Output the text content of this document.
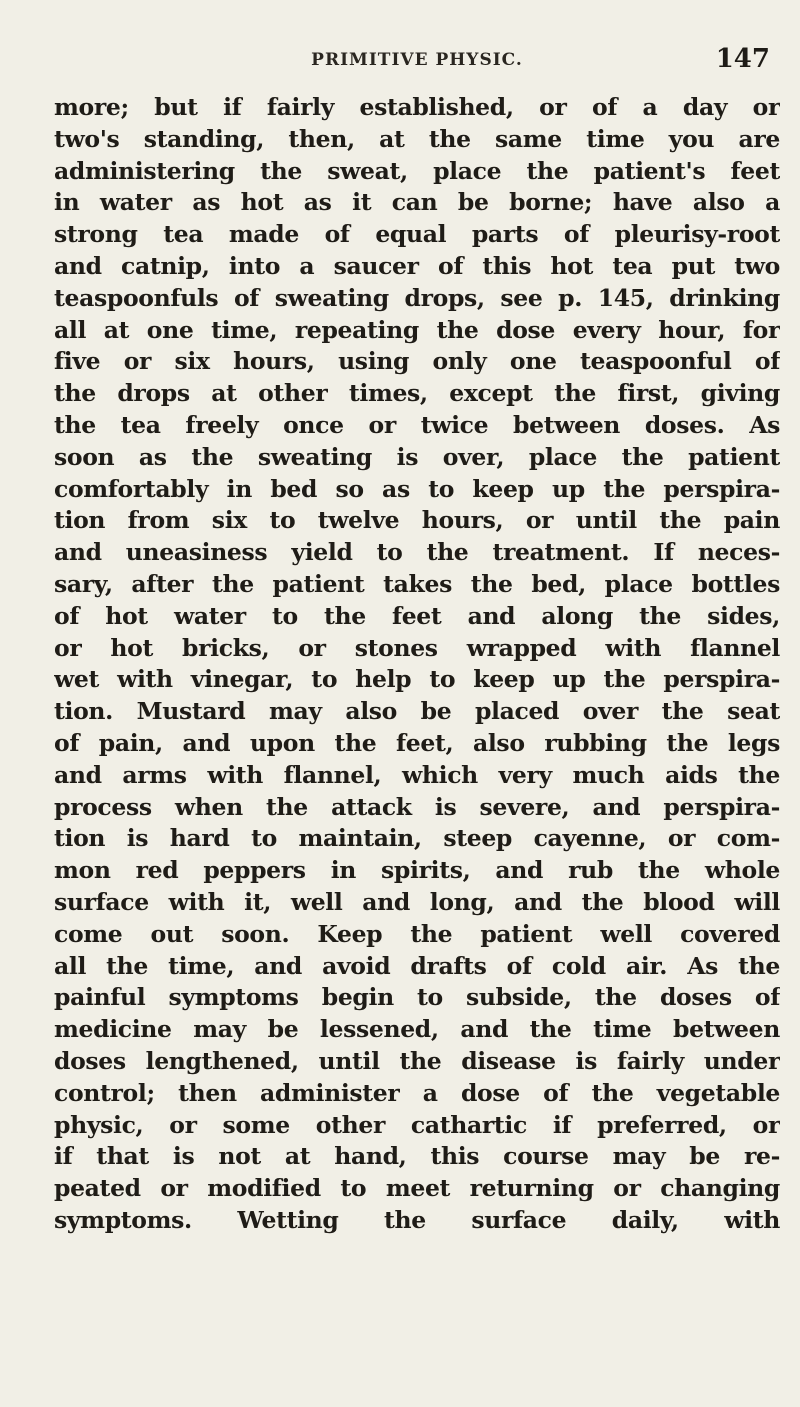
PRIMITIVE PHYSIC.	147
more; but if fairly established, or of a day or
two's standing, then, at the same time you are
administering the sweat, place the patient's feet
in water as hot as it can be borne; have also a
strong tea made of equal parts of pleurisy-root
and catnip, into a saucer of this hot tea put two
teaspoonfuls of sweating drops, see p. 145, drinking
all at one time, repeating the dose every hour, for
five or six hours, using only one teaspoonful of
the drops at other times, except the first, giving
the tea freely once or twice between doses. As
soon as the sweating is over, place the patient
comfortably in bed so as to keep up the perspira-
tion from six to twelve hours, or until the pain
and uneasiness yield to the treatment. If neces-
sary, after the patient takes the bed, place bottles
of hot water to the feet and along the sides,
or hot bricks, or stones wrapped with flannel
wet with vinegar, to help to keep up the perspira-
tion. Mustard may also be placed over the seat
of pain, and upon the feet, also rubbing the legs
and arms with flannel, which very much aids the
process when the attack is severe, and perspira-
tion is hard to maintain, steep cayenne, or com-
mon red peppers in spirits, and rub the whole
surface with it, well and long, and the blood will
come out soon. Keep the patient well covered
all the time, and avoid drafts of cold air. As the
painful symptoms begin to subside, the doses of
medicine may be lessened, and the time between
doses lengthened, until the disease is fairly under
control; then administer a dose of the vegetable
physic, or some other cathartic if preferred, or
if that is not at hand, this course may be re-
peated or modified to meet returning or changing
symptoms. Wetting the surface daily, with
